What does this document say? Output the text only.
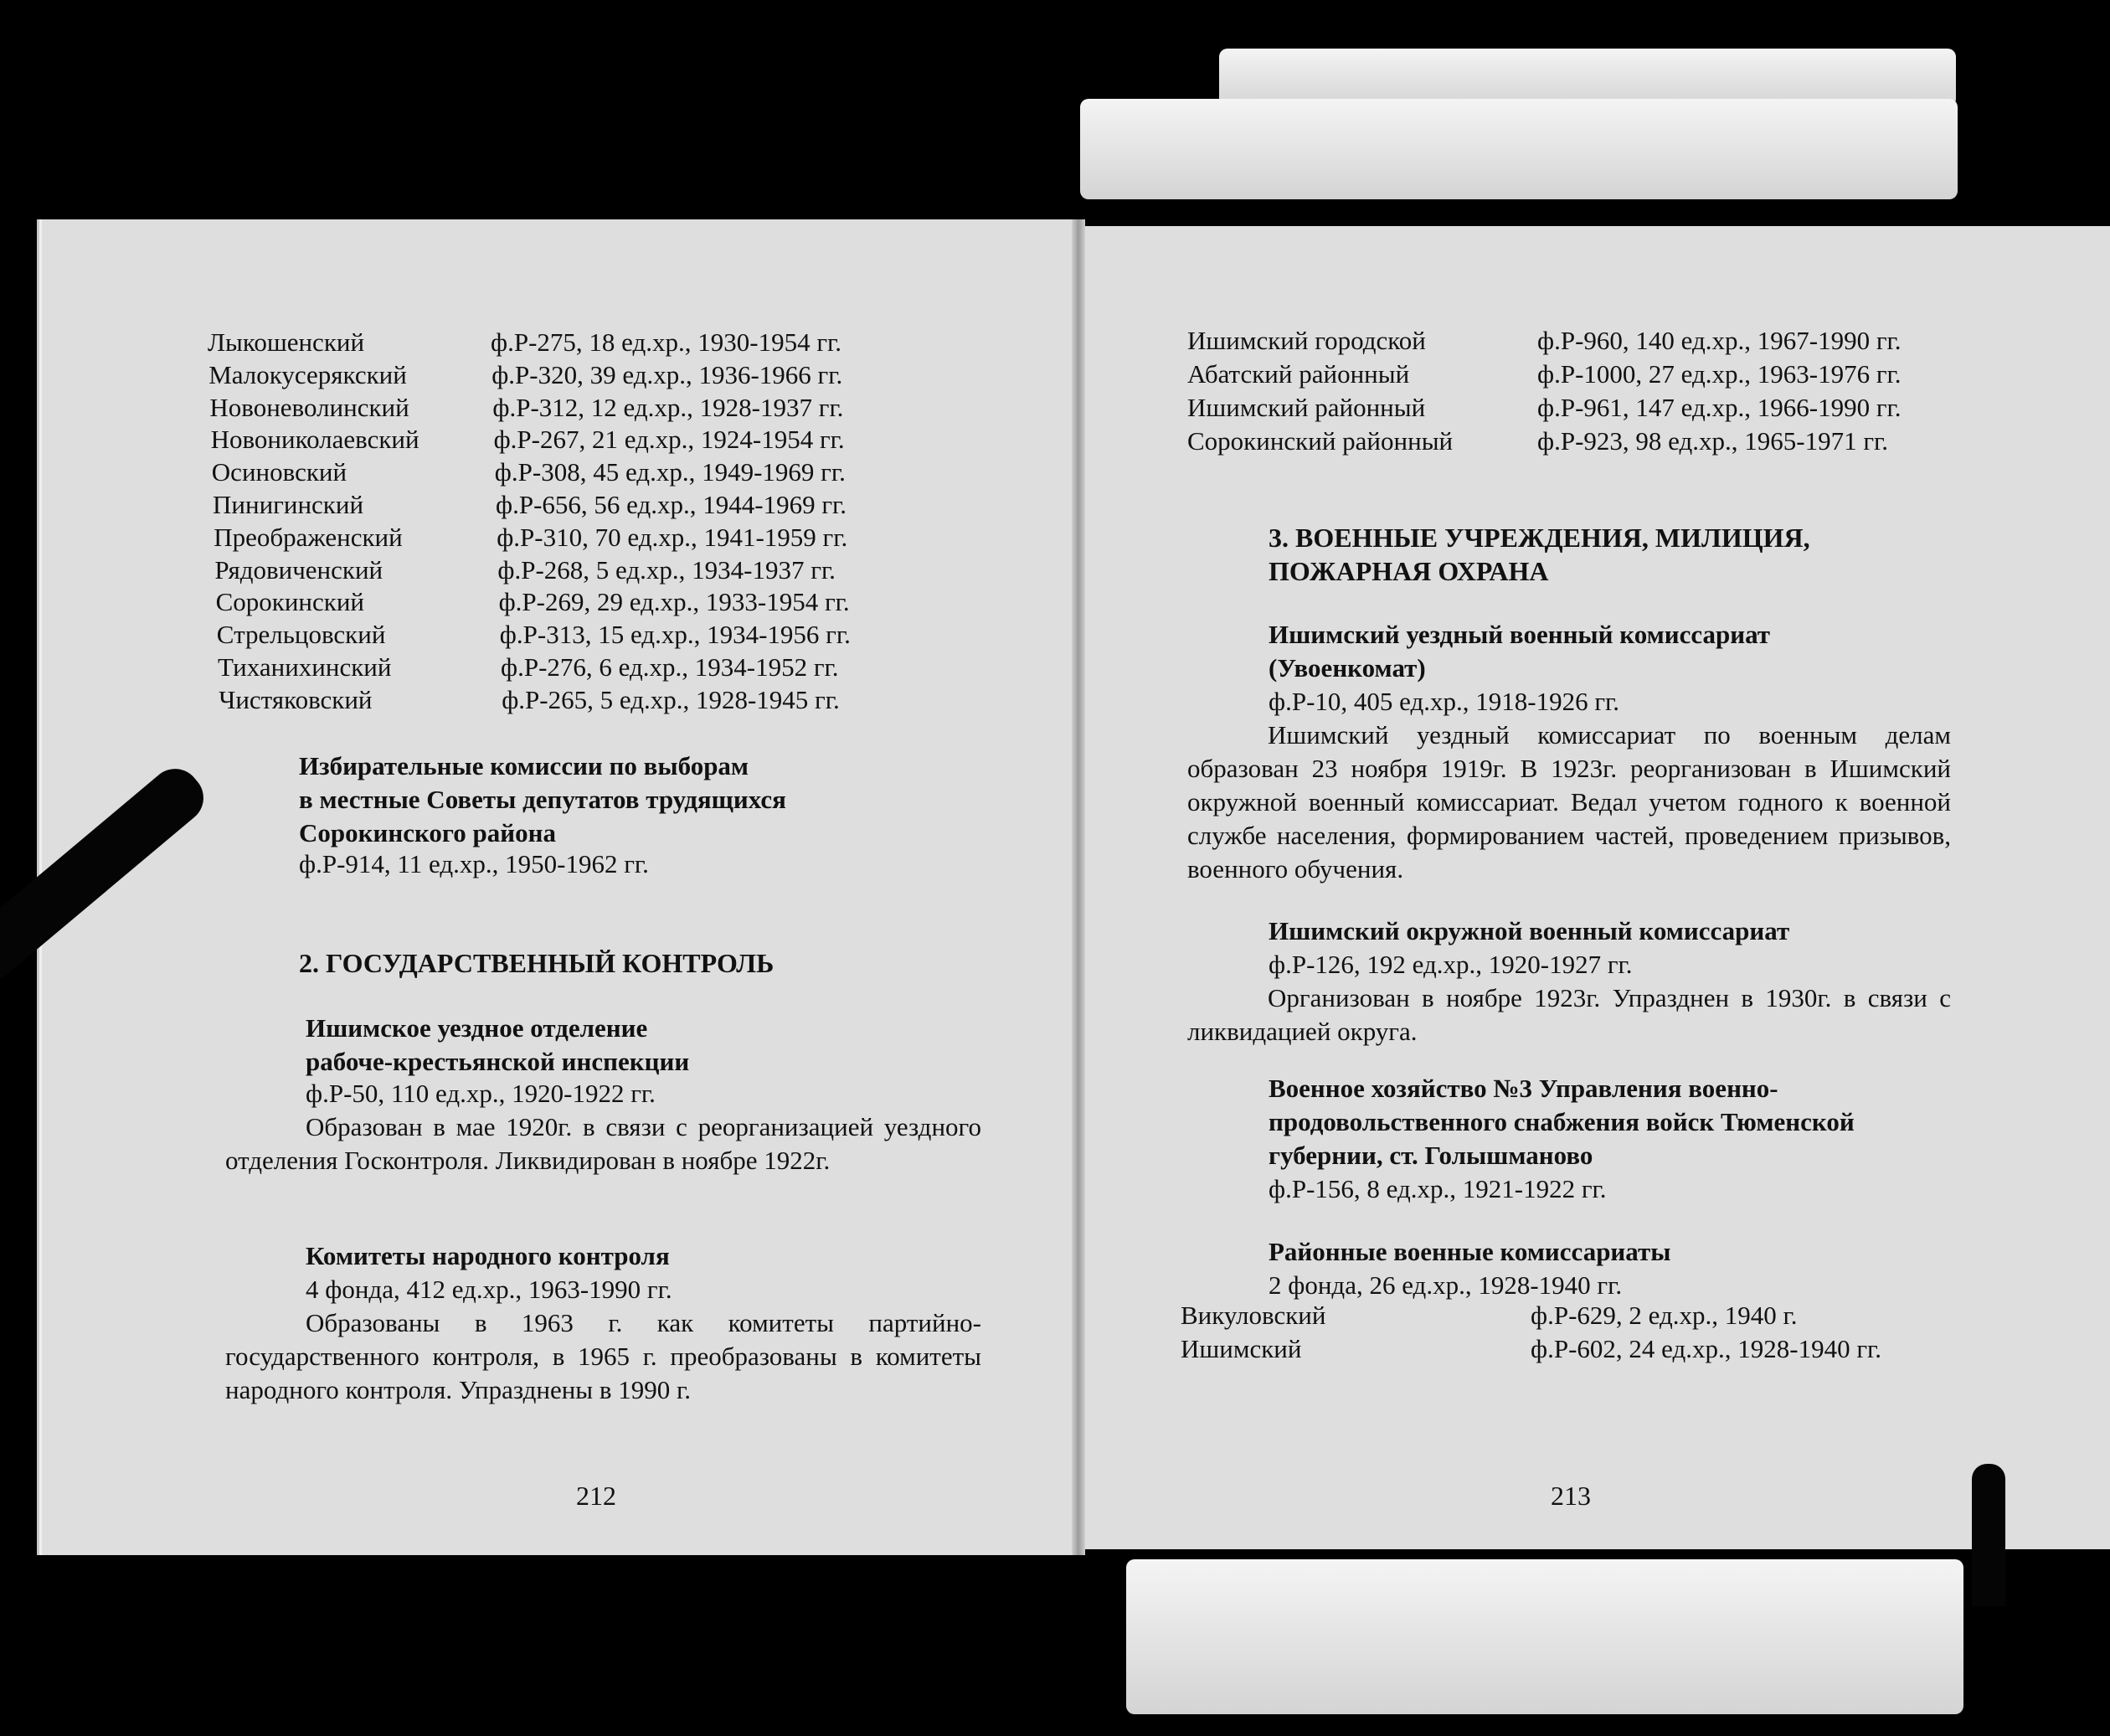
Лыкошенский	ф.Р-275, 18 ед.хр., 1930-1954 гг.
Малокусерякский	ф.Р-320, 39 ед.хр., 1936-1966 гг.
Новоневолинский	ф.Р-312, 12 ед.хр., 1928-1937 гг.
Новониколаевский	ф.Р-267, 21 ед.хр., 1924-1954 гг.
Осиновский	ф.Р-308, 45 ед.хр., 1949-1969 гг.
Пинигинский	ф.Р-656, 56 ед.хр., 1944-1969 гг.
Преображенский	ф.Р-310, 70 ед.хр., 1941-1959 гг.
Рядовиченский	ф.Р-268, 5 ед.хр., 1934-1937 гг.
Сорокинский	ф.Р-269, 29 ед.хр., 1933-1954 гг.
Стрельцовский	ф.Р-313, 15 ед.хр., 1934-1956 гг.
Тиханихинский	ф.Р-276, 6 ед.хр., 1934-1952 гг.
Чистяковский	ф.Р-265, 5 ед.хр., 1928-1945 гг.
Избирательные комиссии по выборам
в местные Советы депутатов трудящихся
Сорокинского района
ф.Р-914, 11 ед.хр., 1950-1962 гг.
2. ГОСУДАРСТВЕННЫЙ КОНТРОЛЬ
Ишимское уездное отделение
рабоче-крестьянской инспекции
ф.Р-50, 110 ед.хр., 1920-1922 гг.
Образован в мае 1920г. в связи с реорганизацией уездного отделения Госконтроля. Ликвидирован в ноябре 1922г.
Комитеты народного контроля
4 фонда, 412 ед.хр., 1963-1990 гг.
Образованы в 1963 г. как комитеты партийно-государственного контроля, в 1965 г. преобразованы в комитеты народного контроля. Упразднены в 1990 г.
212
Ишимский городской	ф.Р-960, 140 ед.хр., 1967-1990 гг.
Абатский районный	ф.Р-1000, 27 ед.хр., 1963-1976 гг.
Ишимский районный	ф.Р-961, 147 ед.хр., 1966-1990 гг.
Сорокинский районный	ф.Р-923, 98 ед.хр., 1965-1971 гг.
3. ВОЕННЫЕ УЧРЕЖДЕНИЯ, МИЛИЦИЯ,
ПОЖАРНАЯ ОХРАНА
Ишимский уездный военный комиссариат
(Увоенкомат)
ф.Р-10, 405 ед.хр., 1918-1926 гг.
Ишимский уездный комиссариат по военным делам образован 23 ноября 1919г. В 1923г. реорганизован в Ишимский окружной военный комиссариат. Ведал учетом годного к военной службе населения, формированием частей, проведением призывов, военного обучения.
Ишимский окружной военный комиссариат
ф.Р-126, 192 ед.хр., 1920-1927 гг.
Организован в ноябре 1923г. Упразднен в 1930г. в связи с ликвидацией округа.
Военное хозяйство №3 Управления военно-
продовольственного снабжения войск Тюменской
губернии, ст. Голышманово
ф.Р-156, 8 ед.хр., 1921-1922 гг.
Районные военные комиссариаты
2 фонда, 26 ед.хр., 1928-1940 гг.
Викуловский	ф.Р-629, 2 ед.хр., 1940 г.
Ишимский	ф.Р-602, 24 ед.хр., 1928-1940 гг.
213
